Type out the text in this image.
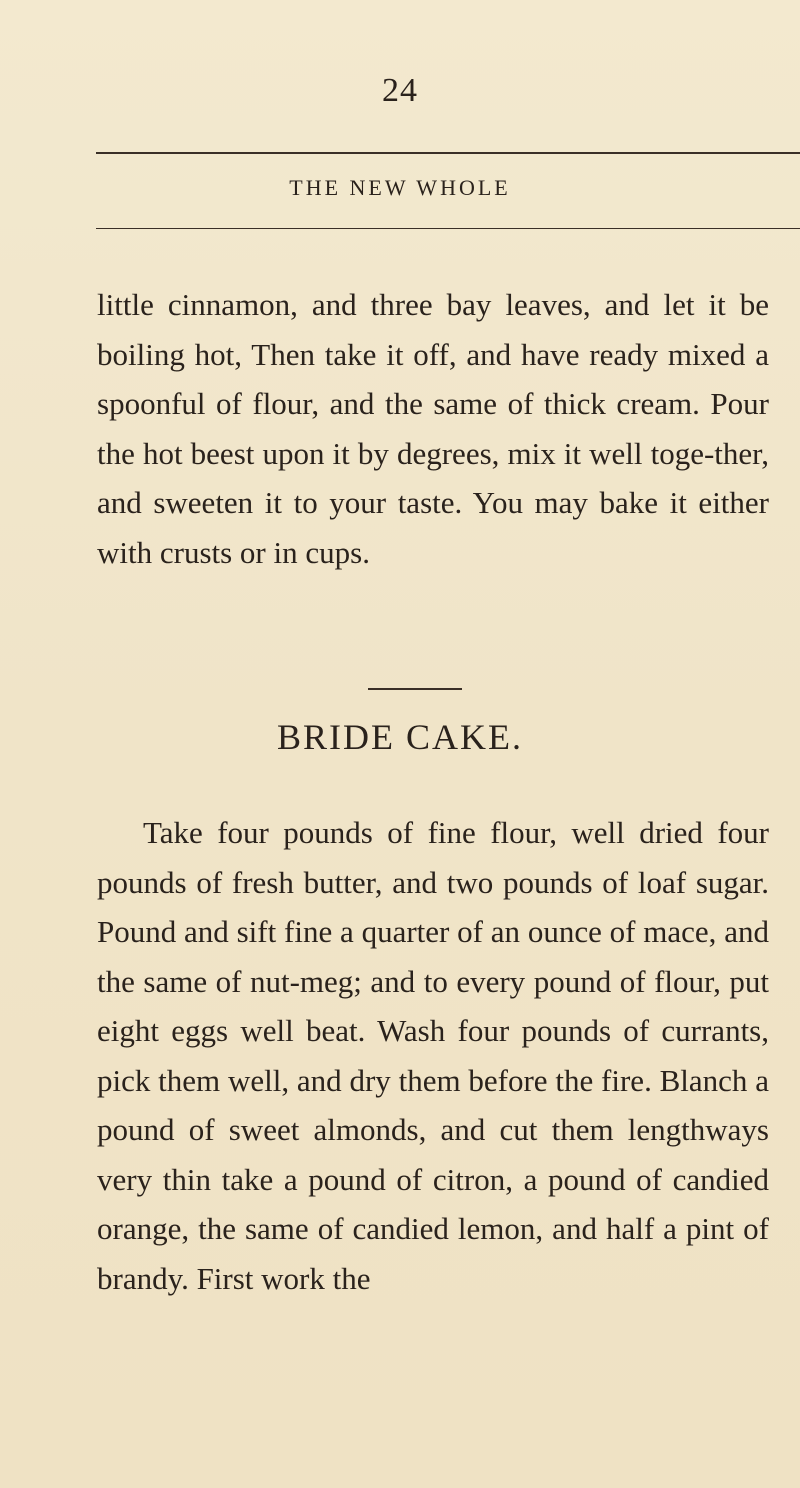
24
THE NEW WHOLE
little cinnamon, and three bay leaves, and let it be boiling hot, Then take it off, and have ready mixed a spoonful of flour, and the same of thick cream. Pour the hot beest upon it by degrees, mix it well toge-ther, and sweeten it to your taste. You may bake it either with crusts or in cups.
BRIDE CAKE.
Take four pounds of fine flour, well dried four pounds of fresh butter, and two pounds of loaf sugar. Pound and sift fine a quarter of an ounce of mace, and the same of nut-meg; and to every pound of flour, put eight eggs well beat. Wash four pounds of currants, pick them well, and dry them before the fire. Blanch a pound of sweet almonds, and cut them lengthways very thin take a pound of citron, a pound of candied orange, the same of candied lemon, and half a pint of brandy. First work the
